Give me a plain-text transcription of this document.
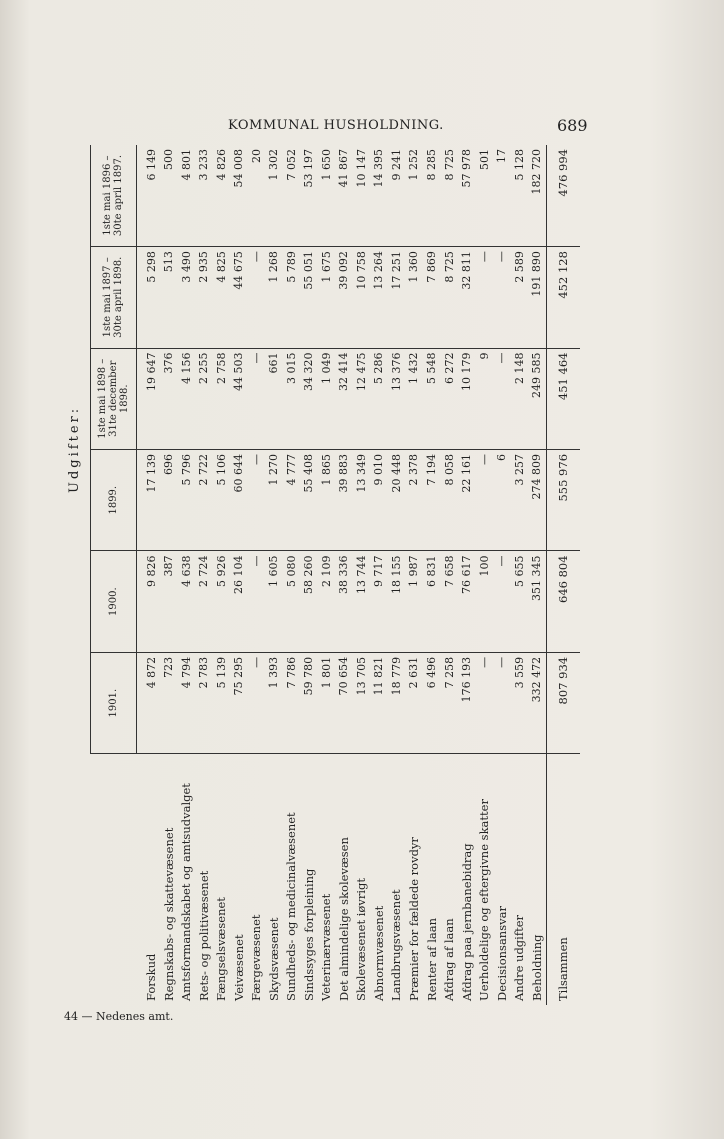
KOMMUNAL HUSHOLDNING.	689
	Udgifter:					

	1901.	1900.	1899.	1ste mai 1898 – 31te december 1898.	1ste mai 1897 – 30te april 1898.	1ste mai 1896 – 30te april 1897.

Forskud	4 872	9 826	17 139	19 647	5 298	6 149
Regnskabs- og skattevæsenet	723	387	696	376	513	500
Amtsformandskabet og amtsudvalget	4 794	4 638	5 796	4 156	3 490	4 801
Rets- og politivæsenet	2 783	2 724	2 722	2 255	2 935	3 233
Fængselsvæsenet	5 139	5 926	5 106	2 758	4 825	4 826
Veivæsenet	75 295	26 104	60 644	44 503	44 675	54 008
Færgevæsenet	—	—	—	—	—	20
Skydsvæsenet	1 393	1 605	1 270	661	1 268	1 302
Sundheds- og medicinalvæsenet	7 786	5 080	4 777	3 015	5 789	7 052
Sindssyges forpleining	59 780	58 260	55 408	34 320	55 051	53 197
Veterinærvæsenet	1 801	2 109	1 865	1 049	1 675	1 650
Det almindelige skolevæsen	70 654	38 336	39 883	32 414	39 092	41 867
Skolevæsenet iøvrigt	13 705	13 744	13 349	12 475	10 758	10 147
Abnormvæsenet	11 821	9 717	9 010	5 286	13 264	14 395
Landbrugsvæsenet	18 779	18 155	20 448	13 376	17 251	9 241
Præmier for fældede rovdyr	2 631	1 987	2 378	1 432	1 360	1 252
Renter af laan	6 496	6 831	7 194	5 548	7 869	8 285
Afdrag af laan	7 258	7 658	8 058	6 272	8 725	8 725
Afdrag paa jernbanebidrag	176 193	76 617	22 161	10 179	32 811	57 978
Uerholdelige og eftergivne skatter	—	100	—	9	—	501
Decisionsansvar	—	—	6	—	—	17
Andre udgifter	3 559	5 655	3 257	2 148	2 589	5 128
Beholdning	332 472	351 345	274 809	249 585	191 890	182 720
Tilsammen	807 934	646 804	555 976	451 464	452 128	476 994
44 — Nedenes amt.
